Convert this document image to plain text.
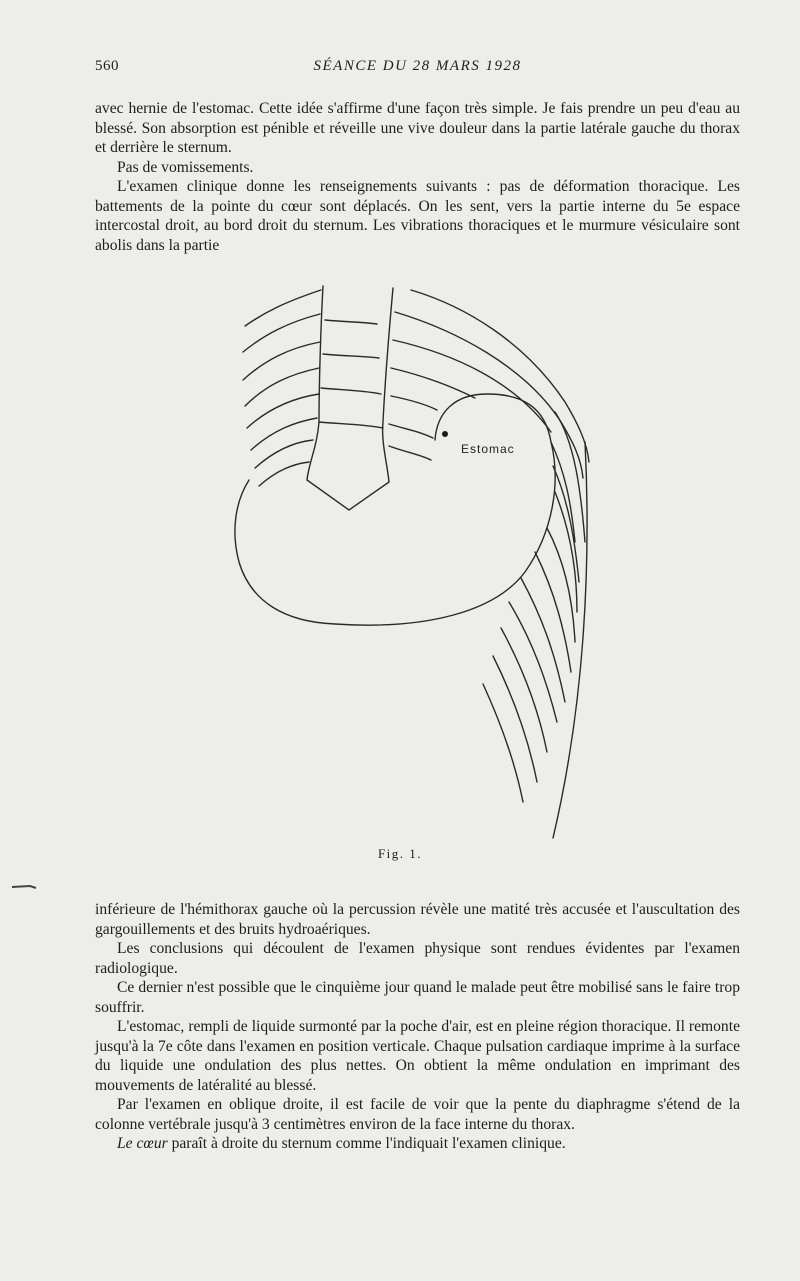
560	SÉANCE DU 28 MARS 1928

avec hernie de l'estomac. Cette idée s'affirme d'une façon très simple. Je fais prendre un peu d'eau au blessé. Son absorption est pénible et réveille une vive douleur dans la partie latérale gauche du thorax et derrière le sternum.

Pas de vomissements.

L'examen clinique donne les renseignements suivants : pas de déformation thoracique. Les battements de la pointe du cœur sont déplacés. On les sent, vers la partie interne du 5e espace intercostal droit, au bord droit du sternum. Les vibrations thoraciques et le murmure vésiculaire sont abolis dans la partie

Estomac
Fig. 1.

inférieure de l'hémithorax gauche où la percussion révèle une matité très accusée et l'auscultation des gargouillements et des bruits hydroaériques.

Les conclusions qui découlent de l'examen physique sont rendues évidentes par l'examen radiologique.

Ce dernier n'est possible que le cinquième jour quand le malade peut être mobilisé sans le faire trop souffrir.

L'estomac, rempli de liquide surmonté par la poche d'air, est en pleine région thoracique. Il remonte jusqu'à la 7e côte dans l'examen en position verticale. Chaque pulsation cardiaque imprime à la surface du liquide une ondulation des plus nettes. On obtient la même ondulation en imprimant des mouvements de latéralité au blessé.

Par l'examen en oblique droite, il est facile de voir que la pente du diaphragme s'étend de la colonne vertébrale jusqu'à 3 centimètres environ de la face interne du thorax.

Le cœur paraît à droite du sternum comme l'indiquait l'examen clinique.
